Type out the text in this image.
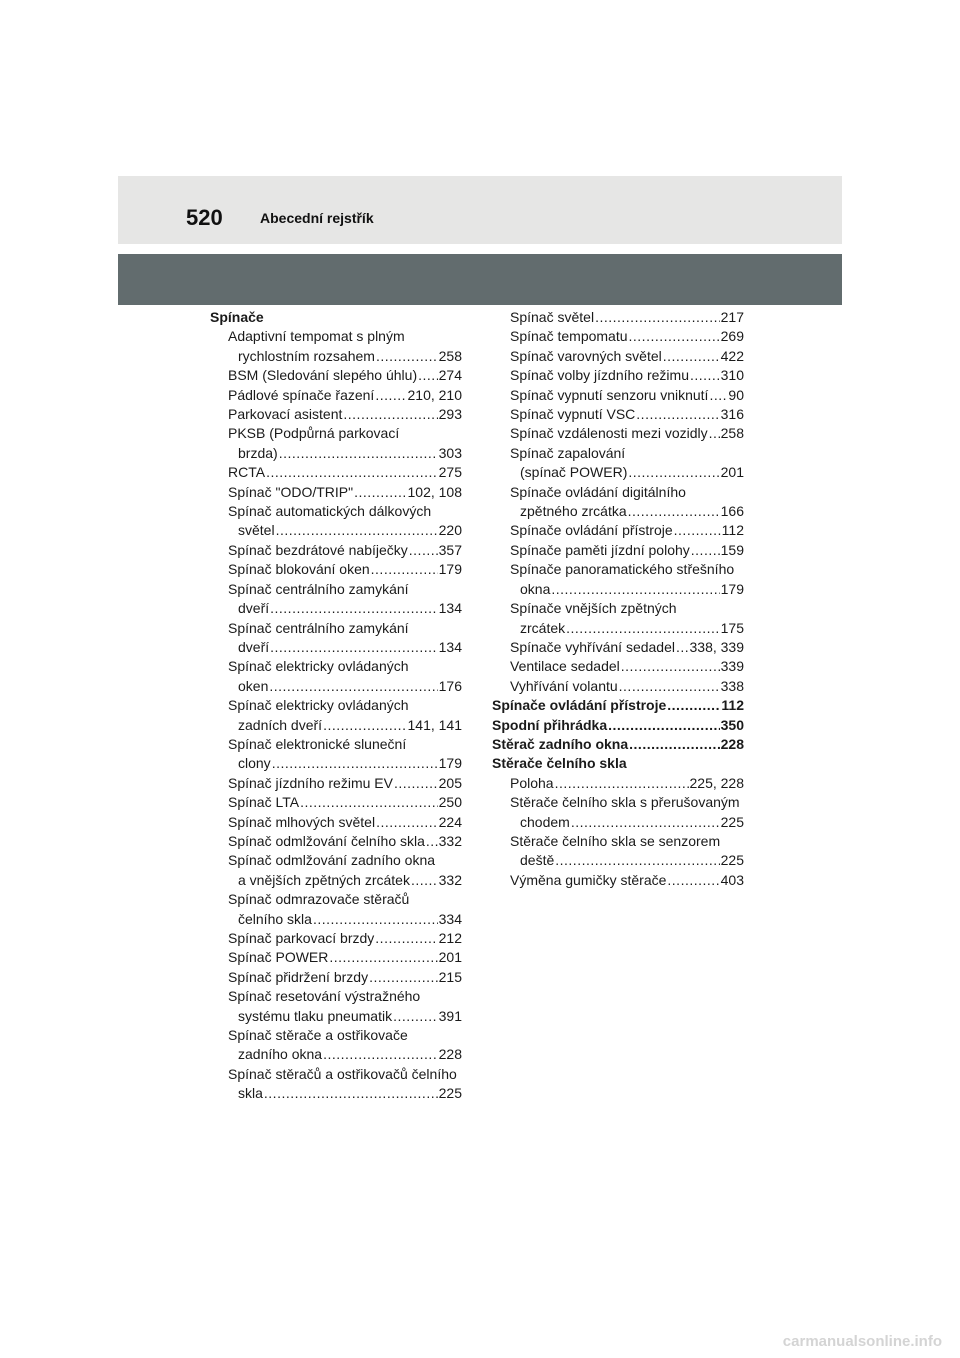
520	Abecední rejstřík
Spínače
Adaptivní tempomat s plným
rychlostním rozsahem .....	258
BSM (Sledování slepého úhlu) ..... 274
Pádlové spínače řazení ..... 210, 210
Parkovací asistent .....	293
PKSB (Podpůrná parkovací
brzda) .....	303
RCTA .....	275
Spínač "ODO/TRIP" .....	102, 108
Spínač automatických dálkových
světel .....	220
Spínač bezdrátové nabíječky ..... 357
Spínač blokování oken .....	179
Spínač centrálního zamykání
dveří .....	134
Spínač centrálního zamykání
dveří .....	134
Spínač elektricky ovládaných
oken .....	176
Spínač elektricky ovládaných
zadních dveří .....	141, 141
Spínač elektronické sluneční
clony .....	179
Spínač jízdního režimu EV .....	205
Spínač LTA .....	250
Spínač mlhových světel .....	224
Spínač odmlžování čelního skla ..... 332
Spínač odmlžování zadního okna
a vnějších zpětných zrcátek ..... 332
Spínač odmrazovače stěračů
čelního skla .....	334
Spínač parkovací brzdy .....	212
Spínač POWER .....	201
Spínač přidržení brzdy .....	215
Spínač resetování výstražného
systému tlaku pneumatik .....	391
Spínač stěrače a ostřikovače
zadního okna .....	228
Spínač stěračů a ostřikovačů čelního
skla .....	225
Spínač světel .....	217
Spínač tempomatu .....	269
Spínač varovných světel .....	422
Spínač volby jízdního režimu ..... 310
Spínač vypnutí senzoru vniknutí ..... 90
Spínač vypnutí VSC .....	316
Spínač vzdálenosti mezi vozidly ..... 258
Spínač zapalování
(spínač POWER) .....	201
Spínače ovládání digitálního
zpětného zrcátka .....	166
Spínače ovládání přístroje .....	112
Spínače paměti jízdní polohy ..... 159
Spínače panoramatického střešního
okna .....	179
Spínače vnějších zpětných
zrcátek .....	175
Spínače vyhřívání sedadel ..... 338, 339
Ventilace sedadel .....	339
Vyhřívání volantu .....	338
Spínače ovládání přístroje .....	112
Spodní přihrádka .....	350
Stěrač zadního okna .....	228
Stěrače čelního skla
Poloha .....	225, 228
Stěrače čelního skla s přerušovaným
chodem .....	225
Stěrače čelního skla se senzorem
deště .....	225
Výměna gumičky stěrače .....	403
carmanualsonline.info
